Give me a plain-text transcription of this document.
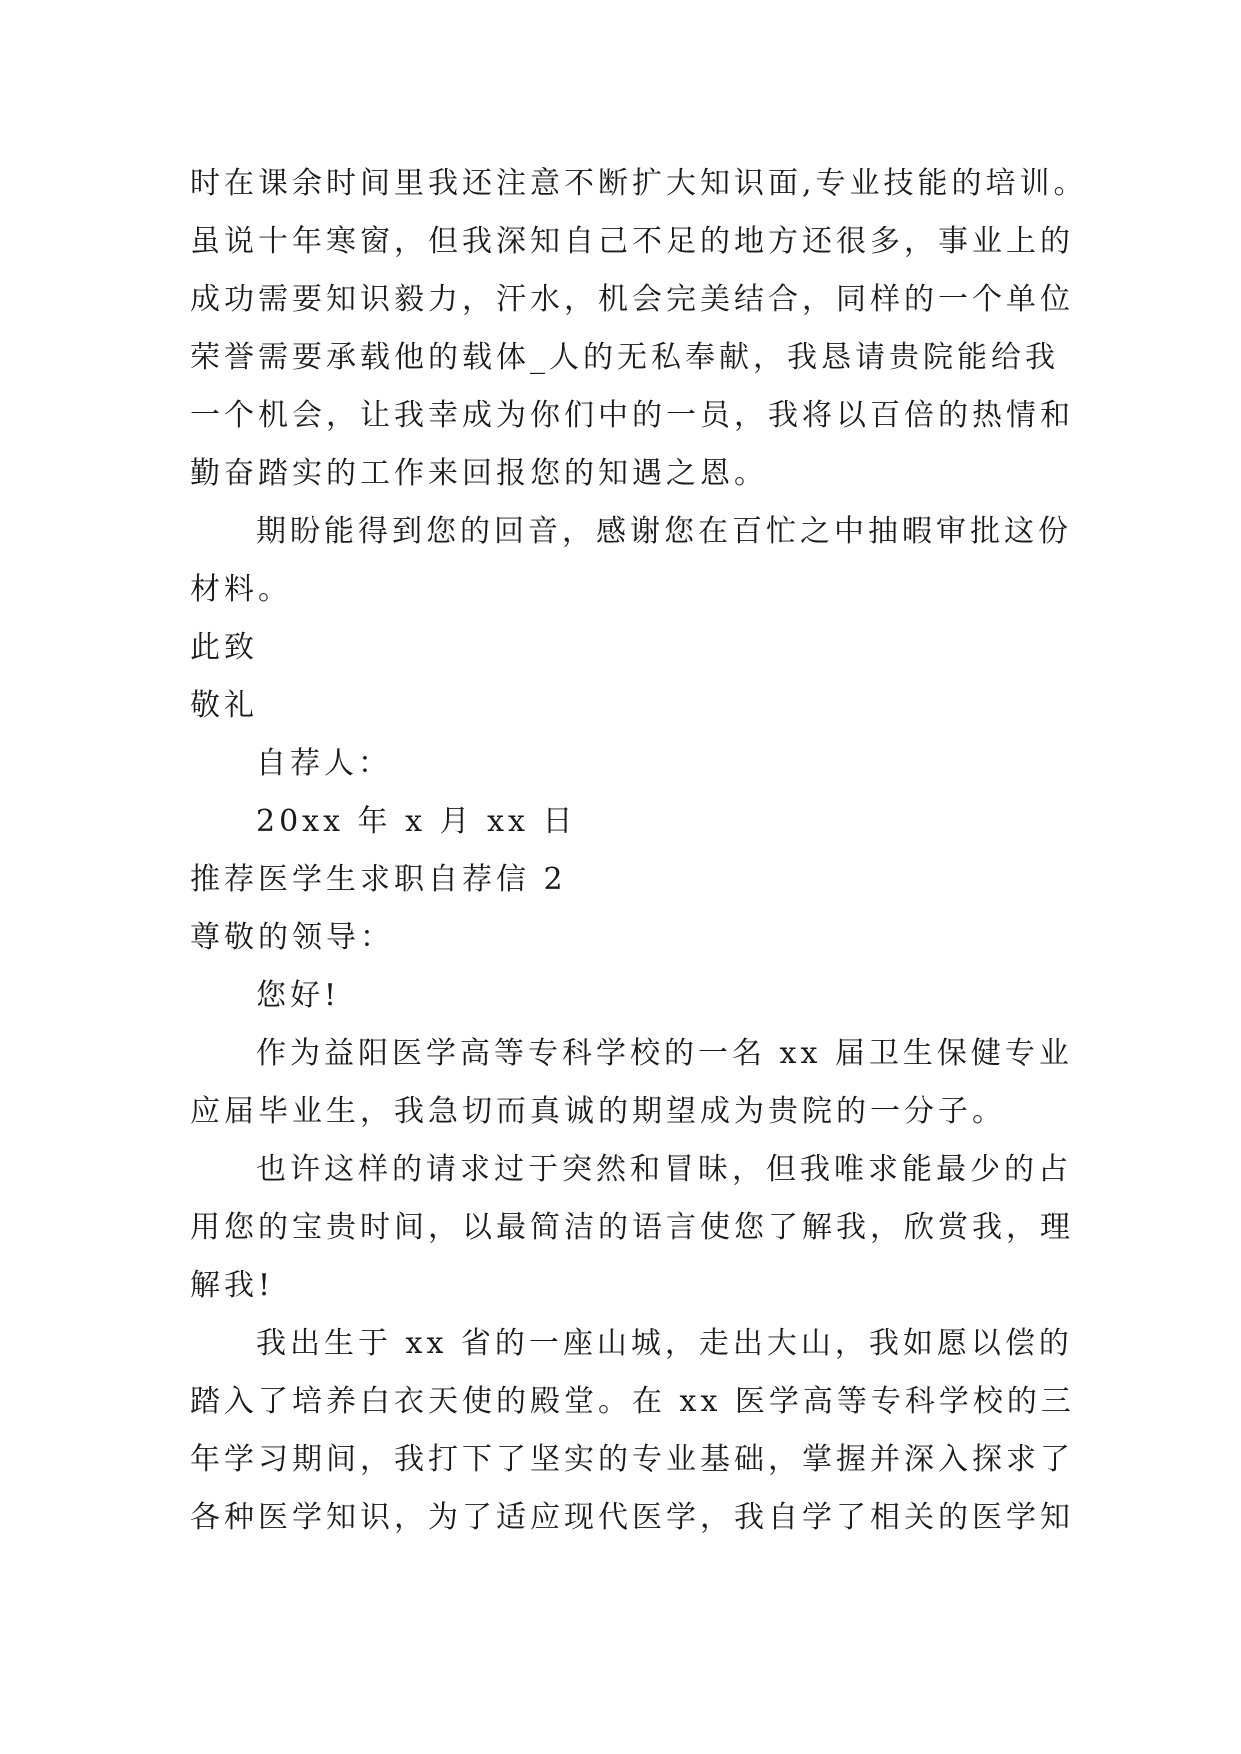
时在课余时间里我还注意不断扩大知识面,专业技能的培训。
虽说十年寒窗，但我深知自己不足的地方还很多，事业上的
成功需要知识毅力，汗水，机会完美结合，同样的一个单位
荣誉需要承载他的载体_人的无私奉献，我恳请贵院能给我
一个机会，让我幸成为你们中的一员，我将以百倍的热情和
勤奋踏实的工作来回报您的知遇之恩。
期盼能得到您的回音，感谢您在百忙之中抽暇审批这份
材料。
此致
敬礼
自荐人：
20xx 年 x 月 xx 日
推荐医学生求职自荐信 2
尊敬的领导：
您好!
作为益阳医学高等专科学校的一名 xx 届卫生保健专业
应届毕业生，我急切而真诚的期望成为贵院的一分子。
也许这样的请求过于突然和冒昧，但我唯求能最少的占
用您的宝贵时间，以最简洁的语言使您了解我，欣赏我，理
解我!
我出生于 xx 省的一座山城，走出大山，我如愿以偿的
踏入了培养白衣天使的殿堂。在 xx 医学高等专科学校的三
年学习期间，我打下了坚实的专业基础，掌握并深入探求了
各种医学知识，为了适应现代医学，我自学了相关的医学知
